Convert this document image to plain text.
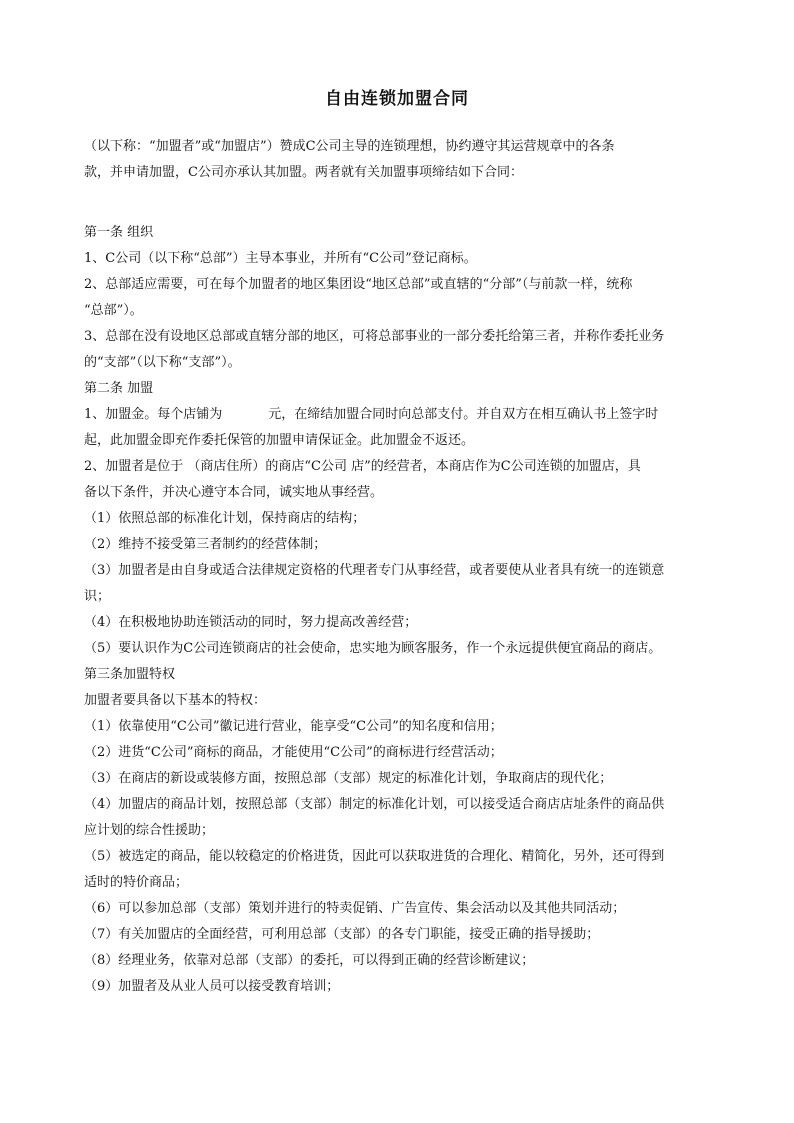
自由连锁加盟合同

（以下称：“加盟者”或“加盟店”）赞成C公司主导的连锁理想，协约遵守其运营规章中的各条

款，并申请加盟，C公司亦承认其加盟。两者就有关加盟事项缔结如下合同：

第一条 组织

1、C公司（以下称“总部”）主导本事业，并所有“C公司”登记商标。

2、总部适应需要，可在每个加盟者的地区集团设“地区总部”或直辖的“分部”（与前款一样，统称

“总部”）。

3、总部在没有设地区总部或直辖分部的地区，可将总部事业的一部分委托给第三者，并称作委托业务

的“支部”（以下称“支部”）。

第二条 加盟

1、加盟金。每个店铺为	元，在缔结加盟合同时向总部支付。并自双方在相互确认书上签字时

起，此加盟金即充作委托保管的加盟申请保证金。此加盟金不返还。

2、加盟者是位于 （商店住所）的商店“C公司 店”的经营者，本商店作为C公司连锁的加盟店，具

备以下条件，并决心遵守本合同，诚实地从事经营。

（1）依照总部的标准化计划，保持商店的结构；

（2）维持不接受第三者制约的经营体制；

（3）加盟者是由自身或适合法律规定资格的代理者专门从事经营，或者要使从业者具有统一的连锁意

识；

（4）在积极地协助连锁活动的同时，努力提高改善经营；

（5）要认识作为C公司连锁商店的社会使命，忠实地为顾客服务，作一个永远提供便宜商品的商店。

第三条加盟特权

加盟者要具备以下基本的特权：

（1）依靠使用“C公司”徽记进行营业，能享受“C公司”的知名度和信用；

（2）进货“C公司”商标的商品，才能使用“C公司”的商标进行经营活动；

（3）在商店的新设或装修方面，按照总部（支部）规定的标准化计划，争取商店的现代化；

（4）加盟店的商品计划，按照总部（支部）制定的标准化计划，可以接受适合商店店址条件的商品供

应计划的综合性援助；

（5）被选定的商品，能以较稳定的价格进货，因此可以获取进货的合理化、精简化，另外，还可得到

适时的特价商品；

（6）可以参加总部（支部）策划并进行的特卖促销、广告宣传、集会活动以及其他共同活动；

（7）有关加盟店的全面经营，可利用总部（支部）的各专门职能，接受正确的指导援助；

（8）经理业务，依靠对总部（支部）的委托，可以得到正确的经营诊断建议；

（9）加盟者及从业人员可以接受教育培训；
